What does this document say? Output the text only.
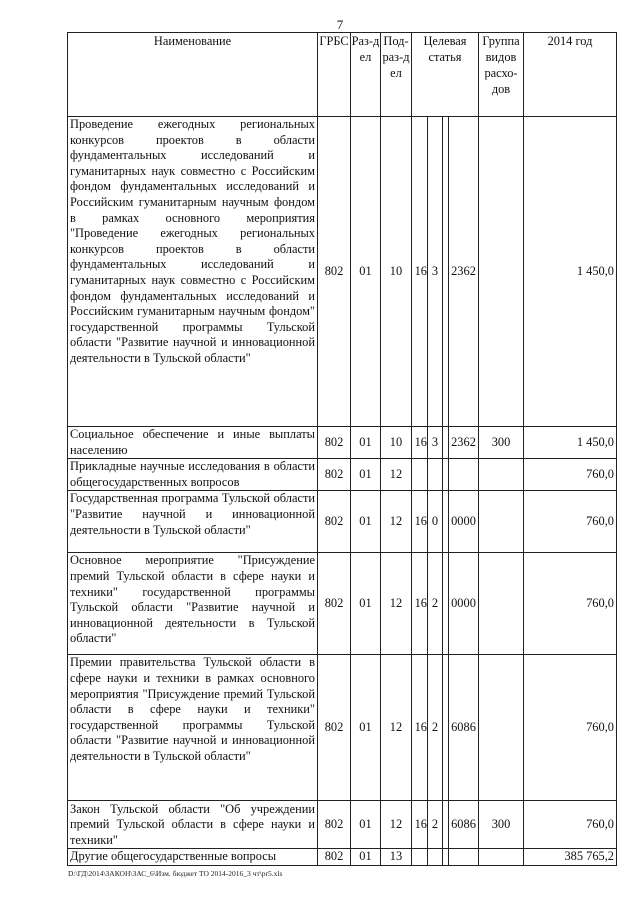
7
Наименование	ГРБС	Раз-дел	Под-раз-дел	Целевая статья				Группа видов расхо-дов	2014 год
Проведение ежегодных региональных конкурсов проектов в области фундаментальных исследований и гуманитарных наук совместно с Российским фондом фундаментальных исследований и Российским гуманитарным научным фондом в рамках основного мероприятия "Проведение ежегодных региональных конкурсов проектов в области фундаментальных исследований и гуманитарных наук совместно с Российским фондом фундаментальных исследований и Российским гуманитарным научным фондом" государственной программы Тульской области "Развитие научной и инновационной деятельности в Тульской области"	802	01	10	16	3		2362		1 450,0
Социальное обеспечение и иные выплаты населению	802	01	10	16	3		2362	300	1 450,0
Прикладные научные исследования в области общегосударственных вопросов	802	01	12						760,0
Государственная программа Тульской области "Развитие научной и инновационной деятельности в Тульской области"	802	01	12	16	0		0000		760,0
Основное мероприятие "Присуждение премий Тульской области в сфере науки и техники" государственной программы Тульской области "Развитие научной и инновационной деятельности в Тульской области"	802	01	12	16	2		0000		760,0
Премии правительства Тульской области в сфере науки и техники в рамках основного мероприятия "Присуждение премий Тульской области в сфере науки и техники" государственной программы Тульской области "Развитие научной и инновационной деятельности в Тульской области"	802	01	12	16	2		6086		760,0
Закон Тульской области "Об учреждении премий Тульской области в сфере науки и техники"	802	01	12	16	2		6086	300	760,0
Другие общегосударственные вопросы	802	01	13						385 765,2
D:\ГД\2014\ЗАКОН\ЗАС_6\Изм. бюджет ТО 2014-2016_3 чт\pr5.xls
